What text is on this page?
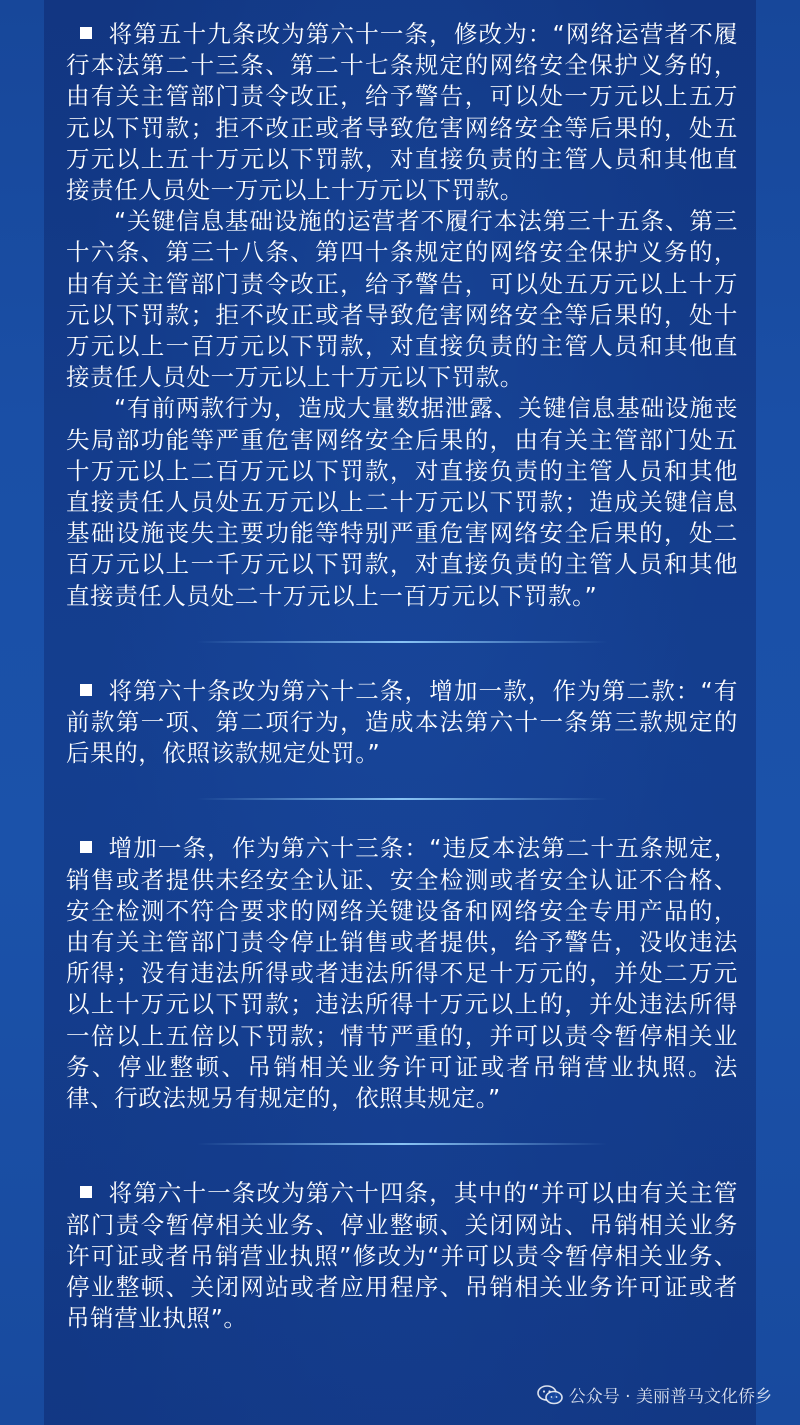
将第五十九条改为第六十一条，修改为：“网络运营者不履行本法第二十三条、第二十七条规定的网络安全保护义务的，由有关主管部门责令改正，给予警告，可以处一万元以上五万元以下罚款；拒不改正或者导致危害网络安全等后果的，处五万元以上五十万元以下罚款，对直接负责的主管人员和其他直接责任人员处一万元以上十万元以下罚款。

“关键信息基础设施的运营者不履行本法第三十五条、第三十六条、第三十八条、第四十条规定的网络安全保护义务的，由有关主管部门责令改正，给予警告，可以处五万元以上十万元以下罚款；拒不改正或者导致危害网络安全等后果的，处十万元以上一百万元以下罚款，对直接负责的主管人员和其他直接责任人员处一万元以上十万元以下罚款。

“有前两款行为，造成大量数据泄露、关键信息基础设施丧失局部功能等严重危害网络安全后果的，由有关主管部门处五十万元以上二百万元以下罚款，对直接负责的主管人员和其他直接责任人员处五万元以上二十万元以下罚款；造成关键信息基础设施丧失主要功能等特别严重危害网络安全后果的，处二百万元以上一千万元以下罚款，对直接负责的主管人员和其他直接责任人员处二十万元以上一百万元以下罚款。”

将第六十条改为第六十二条，增加一款，作为第二款：“有前款第一项、第二项行为，造成本法第六十一条第三款规定的后果的，依照该款规定处罚。”

增加一条，作为第六十三条：“违反本法第二十五条规定，销售或者提供未经安全认证、安全检测或者安全认证不合格、安全检测不符合要求的网络关键设备和网络安全专用产品的，由有关主管部门责令停止销售或者提供，给予警告，没收违法所得；没有违法所得或者违法所得不足十万元的，并处二万元以上十万元以下罚款；违法所得十万元以上的，并处违法所得一倍以上五倍以下罚款；情节严重的，并可以责令暂停相关业务、停业整顿、吊销相关业务许可证或者吊销营业执照。法律、行政法规另有规定的，依照其规定。”

将第六十一条改为第六十四条，其中的“并可以由有关主管部门责令暂停相关业务、停业整顿、关闭网站、吊销相关业务许可证或者吊销营业执照”修改为“并可以责令暂停相关业务、停业整顿、关闭网站或者应用程序、吊销相关业务许可证或者吊销营业执照”。

公众号 · 美丽普马文化侨乡
